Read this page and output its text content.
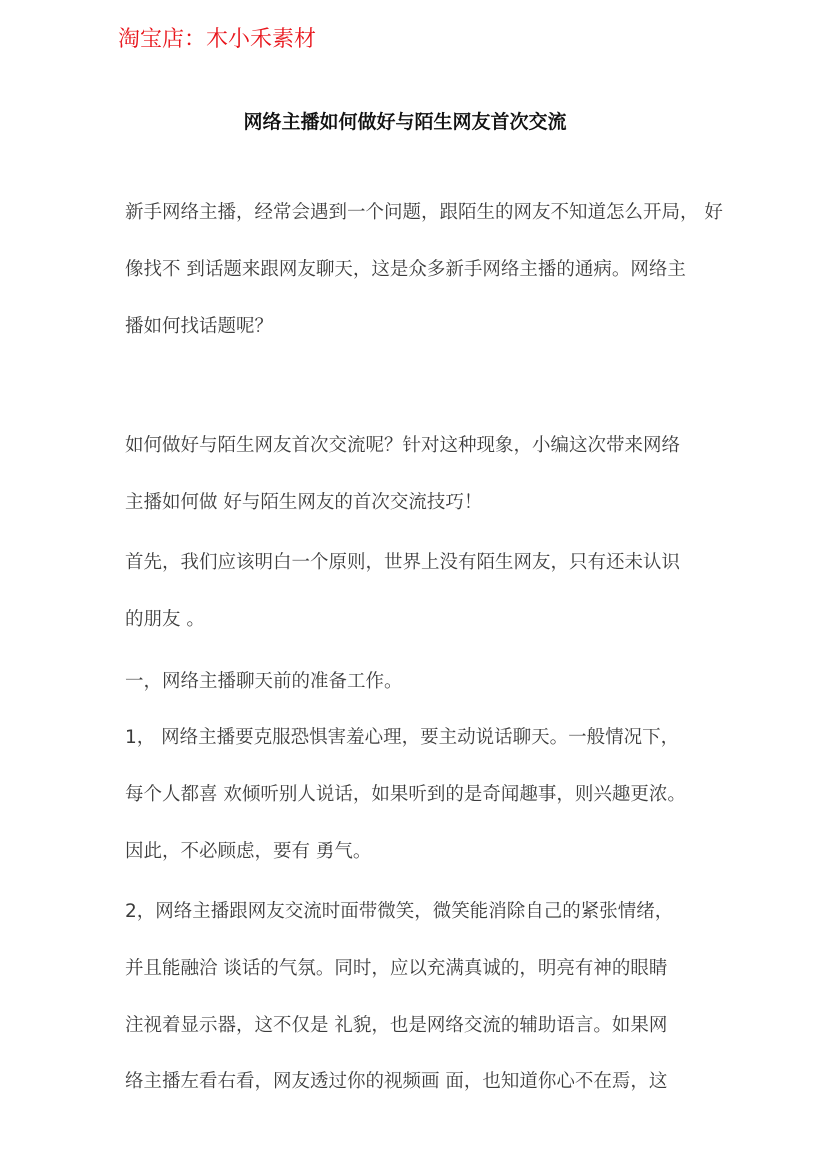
淘宝店：木小禾素材
网络主播如何做好与陌生网友首次交流
新手网络主播，经常会遇到一个问题，跟陌生的网友不知道怎么开局， 好
像找不 到话题来跟网友聊天，这是众多新手网络主播的通病。网络主
播如何找话题呢？
如何做好与陌生网友首次交流呢？针对这种现象，小编这次带来网络
主播如何做 好与陌生网友的首次交流技巧！
首先，我们应该明白一个原则，世界上没有陌生网友，只有还未认识
的朋友 。
一，网络主播聊天前的准备工作。
1， 网络主播要克服恐惧害羞心理，要主动说话聊天。一般情况下，
每个人都喜 欢倾听别人说话，如果听到的是奇闻趣事，则兴趣更浓。
因此，不必顾虑，要有 勇气。
2，网络主播跟网友交流时面带微笑，微笑能消除自己的紧张情绪，
并且能融洽 谈话的气氛。同时，应以充满真诚的，明亮有神的眼睛
注视着显示器，这不仅是 礼貌，也是网络交流的辅助语言。如果网
络主播左看右看，网友透过你的视频画 面，也知道你心不在焉，这
